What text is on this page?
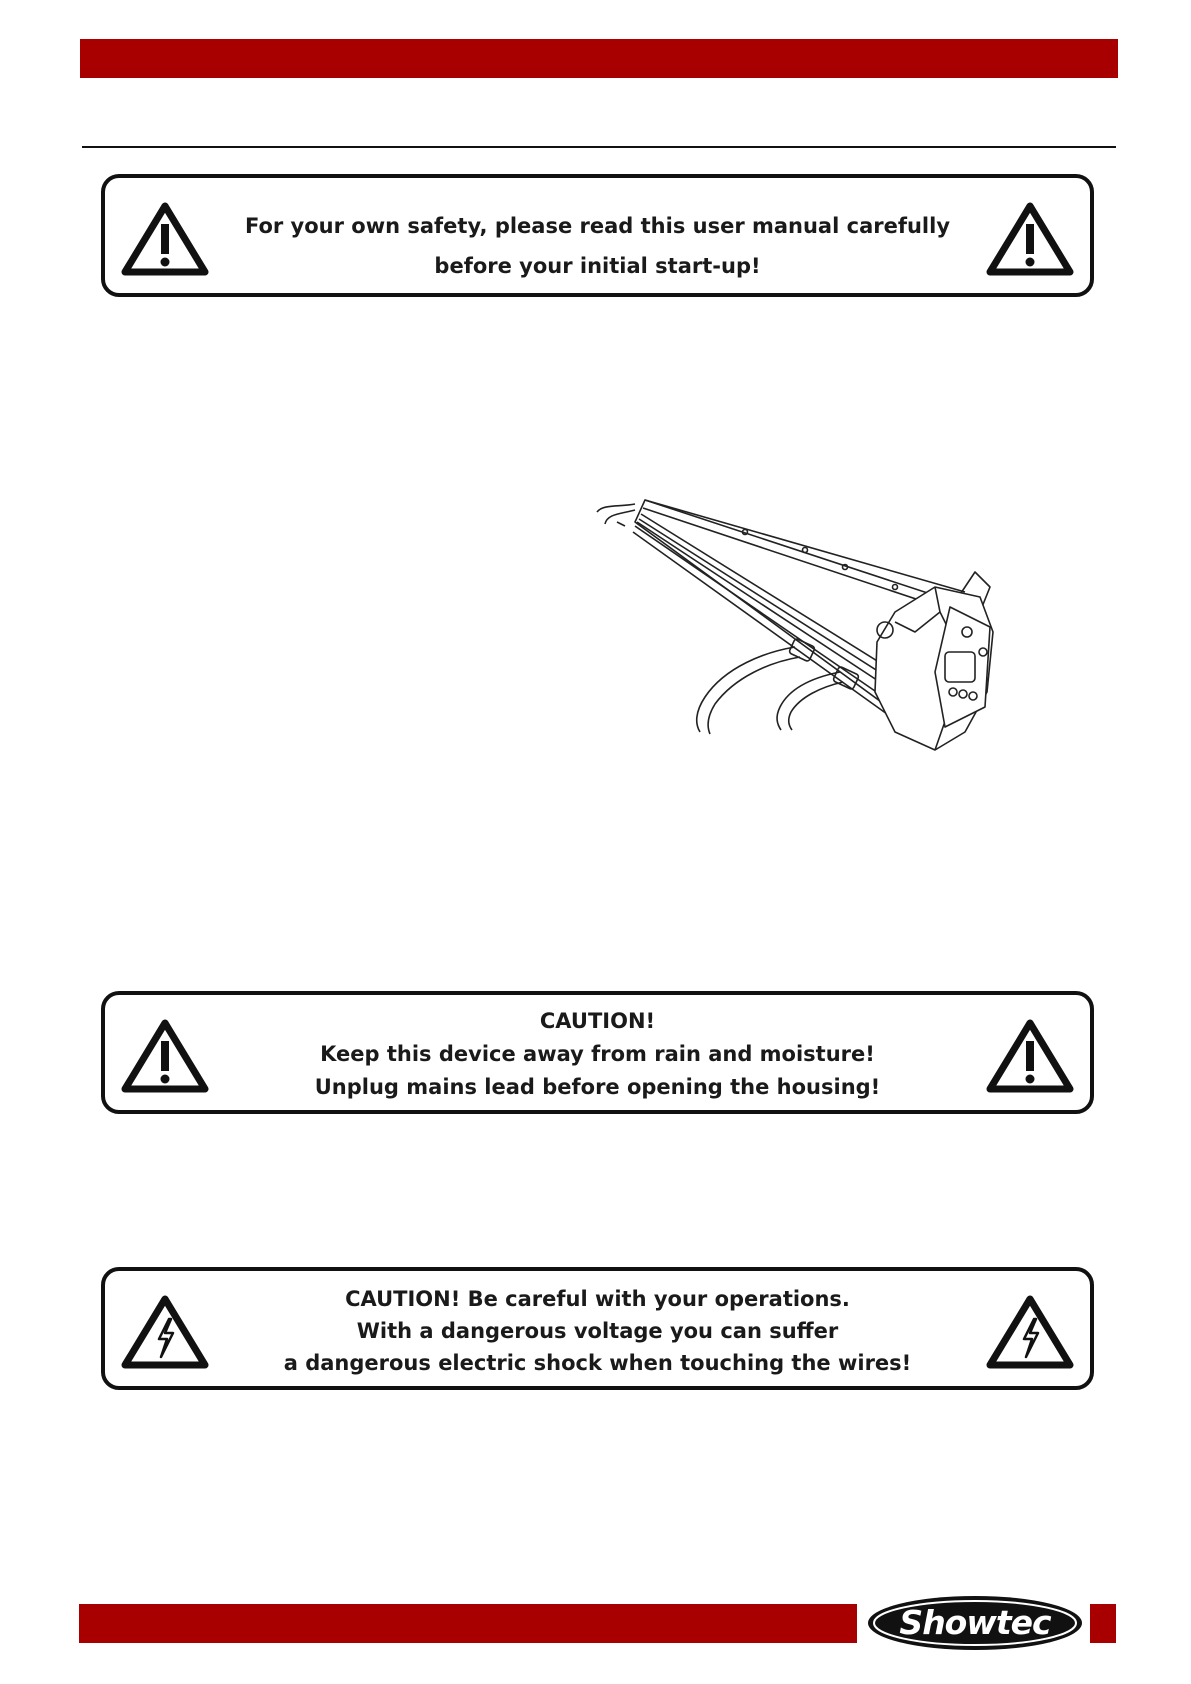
For your own safety, please read this user manual carefully
before your initial start-up!
CAUTION!
Keep this device away from rain and moisture!
Unplug mains lead before opening the housing!
CAUTION! Be careful with your operations.
With a dangerous voltage you can suffer
a dangerous electric shock when touching the wires!
Showtec
